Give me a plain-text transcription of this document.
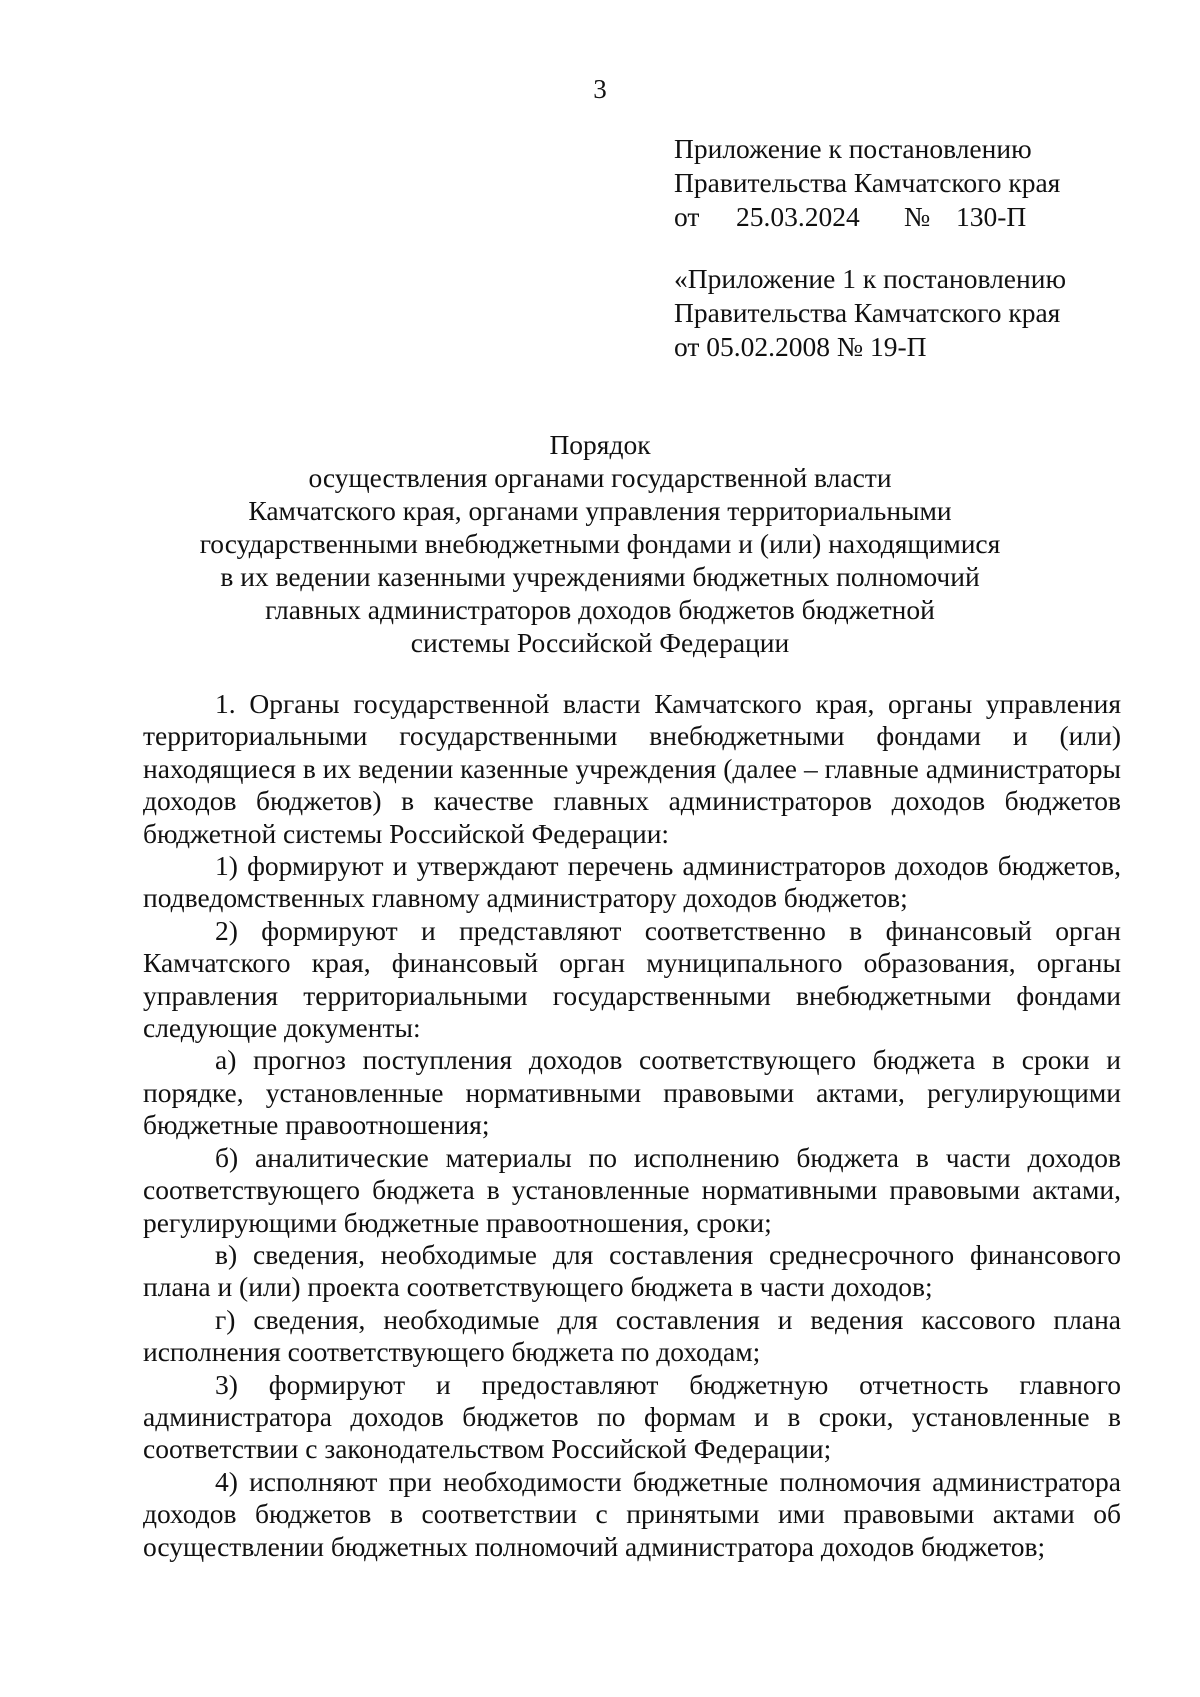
3
Приложение к постановлению
Правительства Камчатского края
от 25.03.2024 № 130-П
«Приложение 1 к постановлению
Правительства Камчатского края
от 05.02.2008 № 19-П
Порядок
осуществления органами государственной власти
Камчатского края, органами управления территориальными
государственными внебюджетными фондами и (или) находящимися
в их ведении казенными учреждениями бюджетных полномочий
главных администраторов доходов бюджетов бюджетной
системы Российской Федерации

1. Органы государственной власти Камчатского края, органы управления территориальными государственными внебюджетными фондами и (или) находящиеся в их ведении казенные учреждения (далее – главные администраторы доходов бюджетов) в качестве главных администраторов доходов бюджетов бюджетной системы Российской Федерации:

1) формируют и утверждают перечень администраторов доходов бюджетов, подведомственных главному администратору доходов бюджетов;

2) формируют и представляют соответственно в финансовый орган Камчатского края, финансовый орган муниципального образования, органы управления территориальными государственными внебюджетными фондами следующие документы:

а) прогноз поступления доходов соответствующего бюджета в сроки и порядке, установленные нормативными правовыми актами, регулирующими бюджетные правоотношения;

б) аналитические материалы по исполнению бюджета в части доходов соответствующего бюджета в установленные нормативными правовыми актами, регулирующими бюджетные правоотношения, сроки;

в) сведения, необходимые для составления среднесрочного финансового плана и (или) проекта соответствующего бюджета в части доходов;

г) сведения, необходимые для составления и ведения кассового плана исполнения соответствующего бюджета по доходам;

3) формируют и предоставляют бюджетную отчетность главного администратора доходов бюджетов по формам и в сроки, установленные в соответствии с законодательством Российской Федерации;

4) исполняют при необходимости бюджетные полномочия администратора доходов бюджетов в соответствии с принятыми ими правовыми актами об осуществлении бюджетных полномочий администратора доходов бюджетов;
